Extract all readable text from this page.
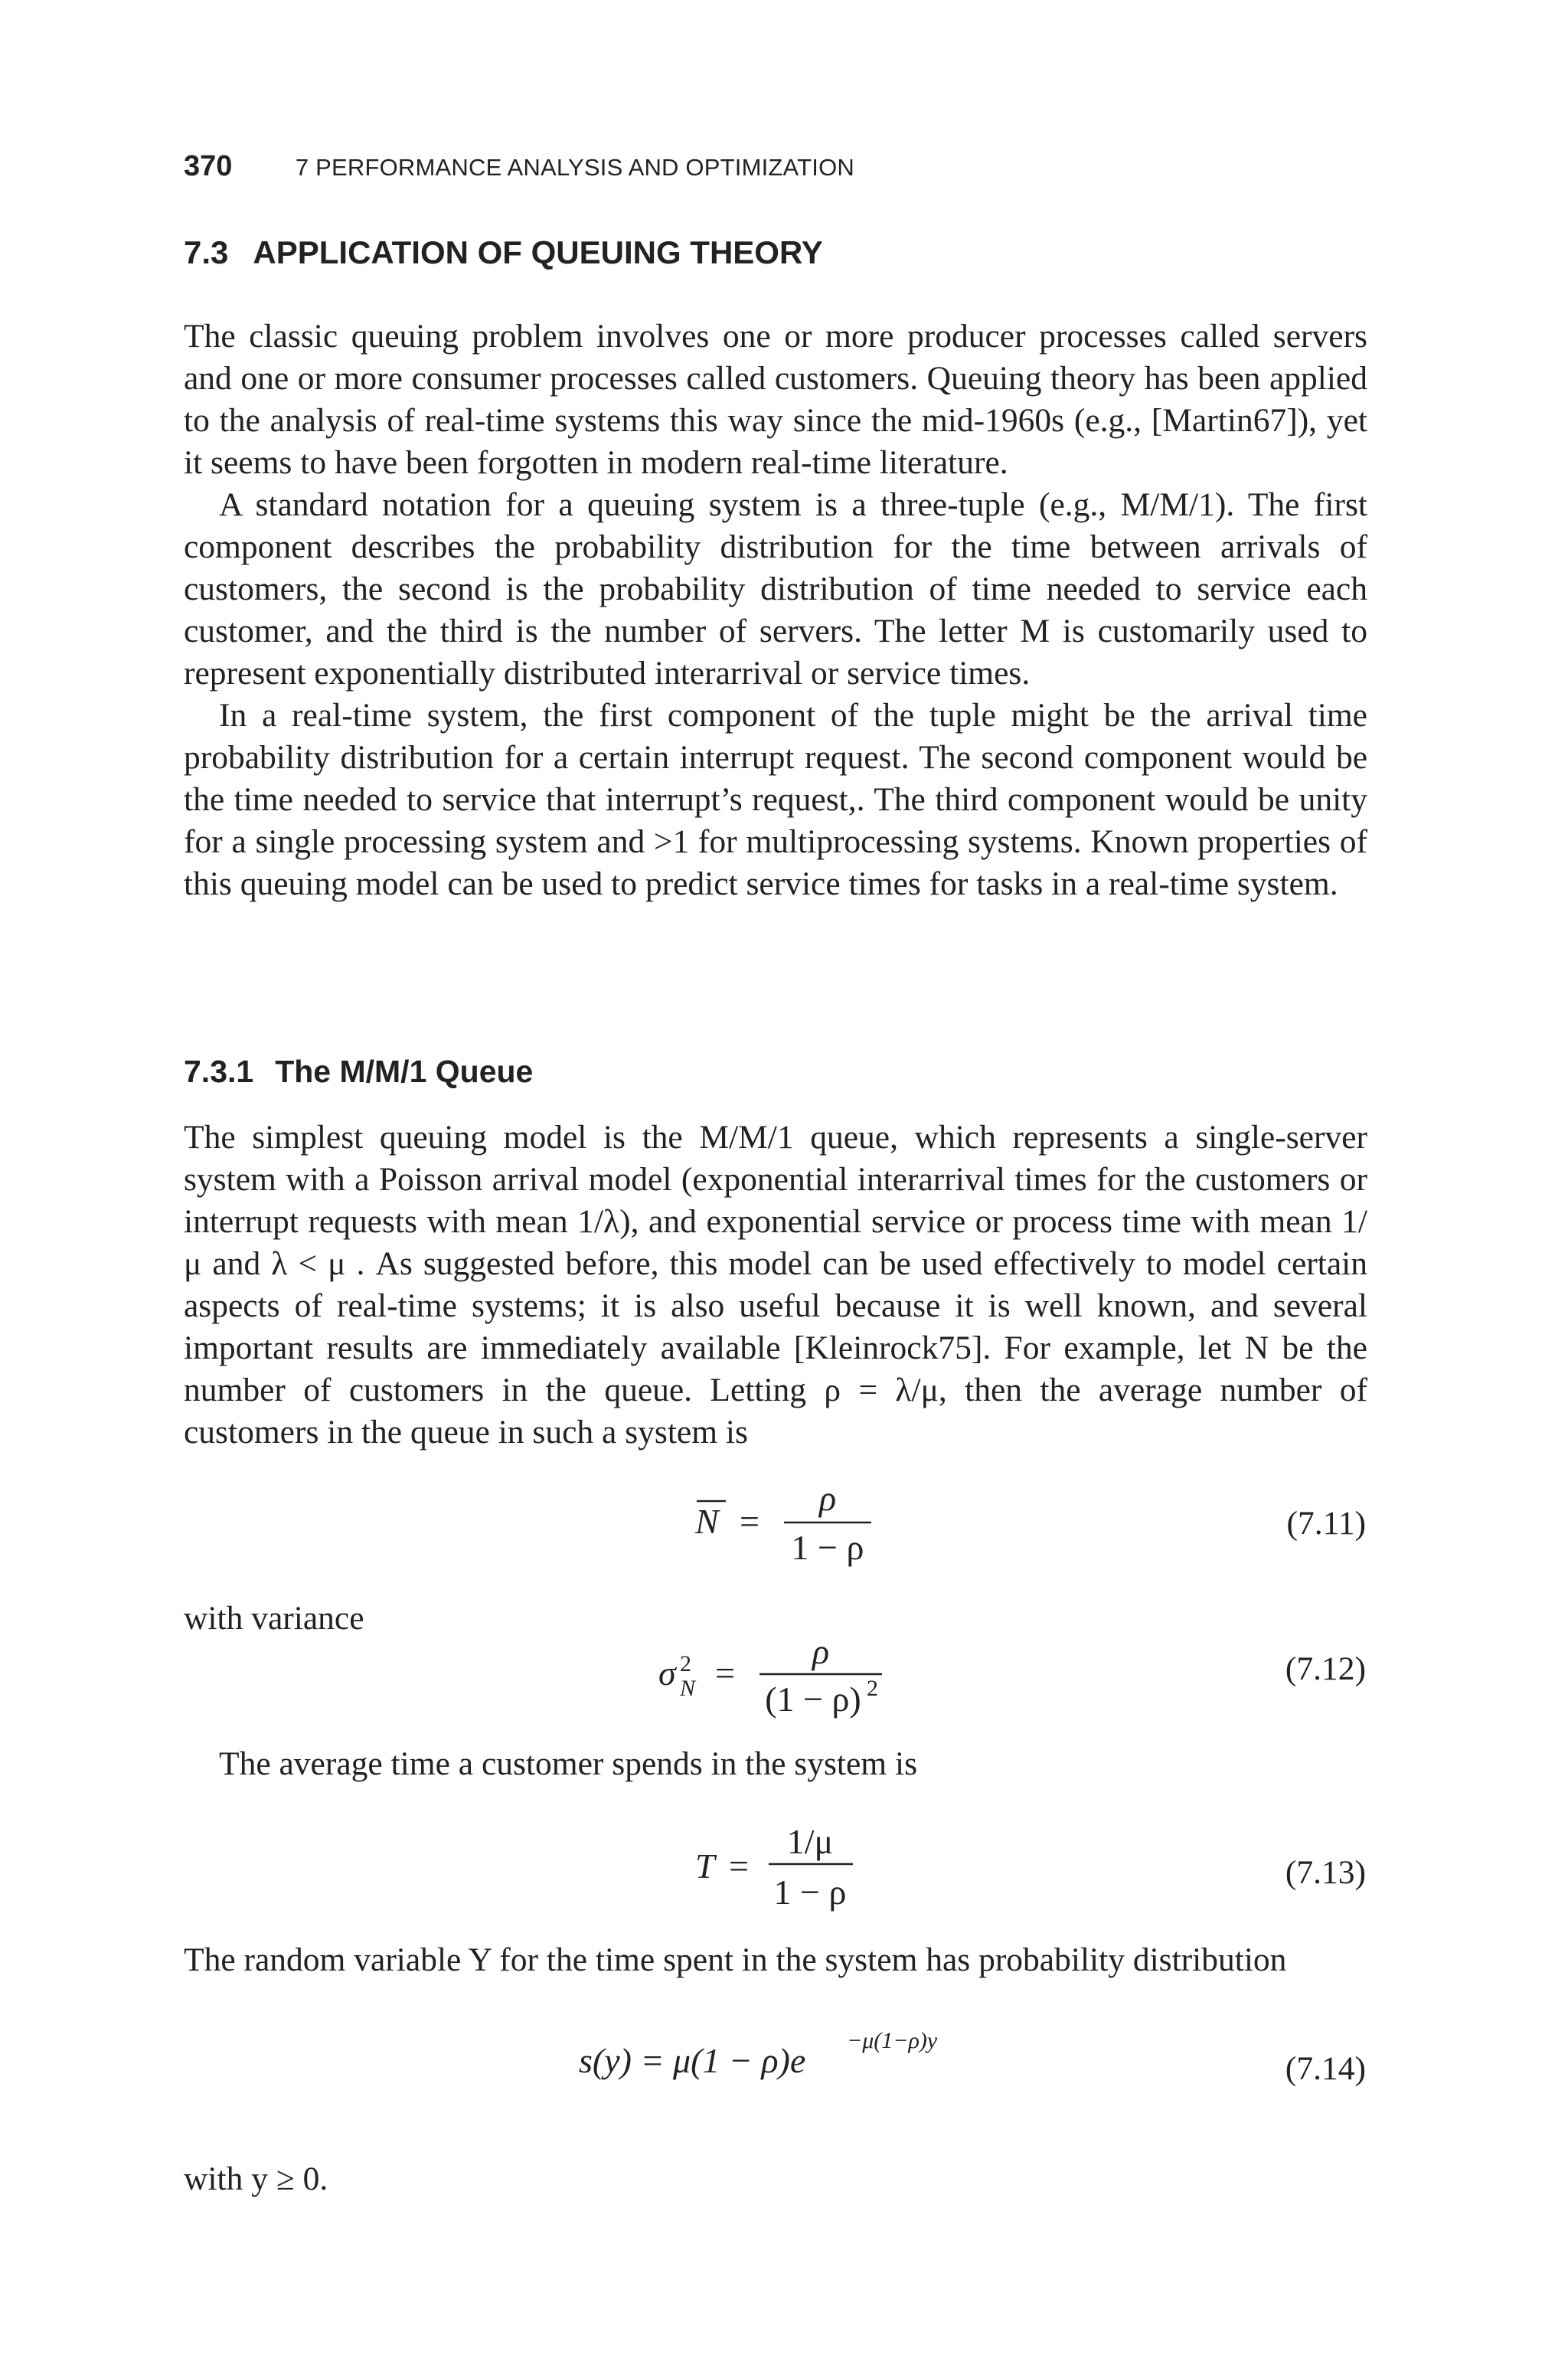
370	7 PERFORMANCE ANALYSIS AND OPTIMIZATION
7.3 APPLICATION OF QUEUING THEORY

The classic queuing problem involves one or more producer processes called servers and one or more consumer processes called customers. Queuing theory has been applied to the analysis of real-time systems this way since the mid-1960s (e.g., [Martin67]), yet it seems to have been forgotten in modern real-time literature.

A standard notation for a queuing system is a three-tuple (e.g., M/M/1). The first component describes the probability distribution for the time between arrivals of customers, the second is the probability distribution of time needed to service each customer, and the third is the number of servers. The letter M is customarily used to represent exponentially distributed interarrival or service times.

In a real-time system, the first component of the tuple might be the arrival time probability distribution for a certain interrupt request. The second component would be the time needed to service that interrupt’s request,. The third component would be unity for a single processing system and >1 for multiprocessing systems. Known properties of this queuing model can be used to predict service times for tasks in a real-time system.

7.3.1 The M/M/1 Queue

The simplest queuing model is the M/M/1 queue, which represents a single-server system with a Poisson arrival model (exponential interarrival times for the customers or interrupt requests with mean 1/λ), and exponential service or process time with mean 1/μ and λ < μ . As suggested before, this model can be used effectively to model certain aspects of real-time systems; it is also useful because it is well known, and several important results are immediately available [Kleinrock75]. For example, let N be the number of customers in the queue. Letting ρ = λ/μ, then the average number of customers in the queue in such a system is

N =
ρ
1 − ρ
(7.11)
with variance
σ 2
N =
ρ
(1 − ρ) 2
(7.12)
The average time a customer spends in the system is
T =
1/μ
1 − ρ	(7.13)

The random variable Y for the time spent in the system has probability distribution

s(y) = μ(1 − ρ)e
−μ(1−ρ)y
(7.14)
with y ≥ 0.
